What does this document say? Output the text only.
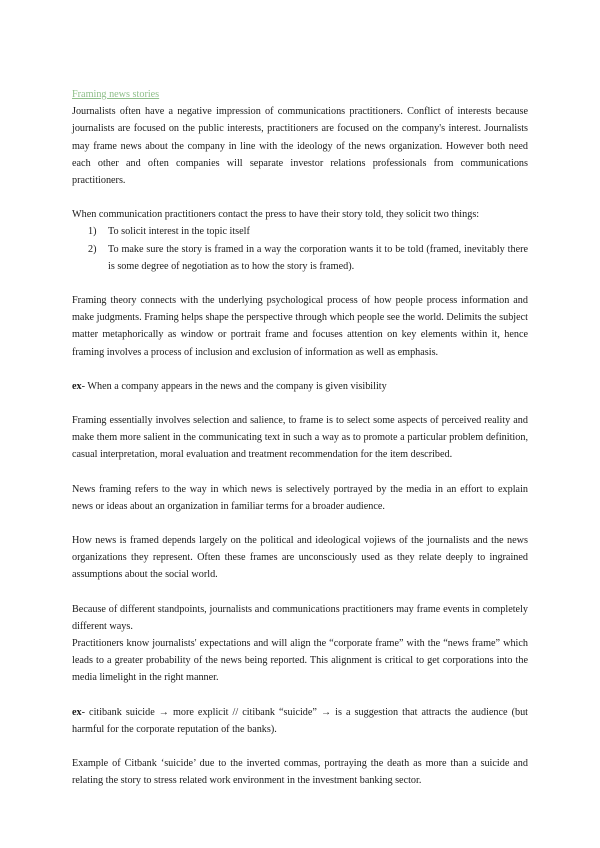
Framing news stories

Journalists often have a negative impression of communications practitioners. Conflict of interests because journalists are focused on the public interests, practitioners are focused on the company's interest. Journalists may frame news about the company in line with the ideology of the news organization. However both need each other and often companies will separate investor relations professionals from communications practitioners.

When communication practitioners contact the press to have their story told, they solicit two things:

1) To solicit interest in the topic itself
2) To make sure the story is framed in a way the corporation wants it to be told (framed, inevitably there is some degree of negotiation as to how the story is framed).

Framing theory connects with the underlying psychological process of how people process information and make judgments. Framing helps shape the perspective through which people see the world. Delimits the subject matter metaphorically as window or portrait frame and focuses attention on key elements within it, hence framing involves a process of inclusion and exclusion of information as well as emphasis.

ex- When a company appears in the news and the company is given visibility

Framing essentially involves selection and salience, to frame is to select some aspects of perceived reality and make them more salient in the communicating text in such a way as to promote a particular problem definition, casual interpretation, moral evaluation and treatment recommendation for the item described.

News framing refers to the way in which news is selectively portrayed by the media in an effort to explain news or ideas about an organization in familiar terms for a broader audience.

How news is framed depends largely on the political and ideological vojiews of the journalists and the news organizations they represent. Often these frames are unconsciously used as they relate deeply to ingrained assumptions about the social world.

Because of different standpoints, journalists and communications practitioners may frame events in completely different ways.

Practitioners know journalists' expectations and will align the “corporate frame” with the “news frame” which leads to a greater probability of the news being reported. This alignment is critical to get corporations into the media limelight in the right manner.

ex- citibank suicide → more explicit // citibank “suicide” → is a suggestion that attracts the audience (but harmful for the corporate reputation of the banks).

Example of Citbank ‘suicide’ due to the inverted commas, portraying the death as more than a suicide and relating the story to stress related work environment in the investment banking sector.
